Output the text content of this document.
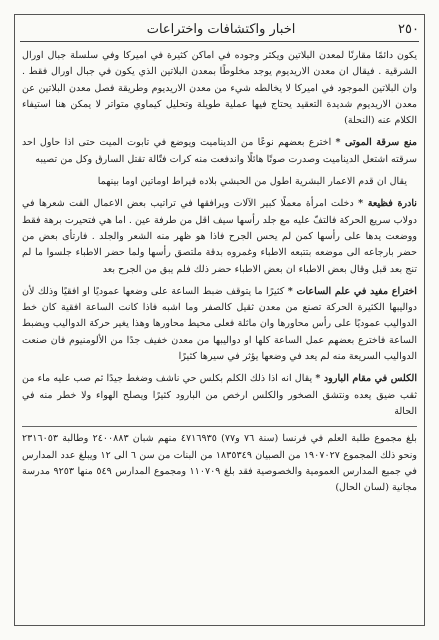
٢٥٠
اخبار واكتشافات واختراعات

يكون دائمًا مقارنًا لمعدن البلاتين ويكثر وجوده في اماكن كثيرة في اميركا وفي سلسلة جبال اورال الشرقية . فيقال ان معدن الاريديوم يوجد مخلوطًا بمعدن البلاتين الذي يكون في جبال اورال فقط . وان البلاتين الموجود في اميركا لا يخالطه شيء من معدن الاريديوم وطريقة فصل معدن البلاتين عن معدن الاريديوم شديدة التعقيد يحتاج فيها عملية طويلة وتحليل كيماوي متواتر لا يمكن هنا استيفاء الكلام عنه (النحلة)

منع سرقة الموتى * اخترع بعضهم نوعًا من الديناميت ويوضع في تابوت الميت حتى اذا حاول احد سرقته اشتعل الديناميت وصدرت صوتًا هائلًا واندفعت منه كرات فتّالة تقتل السارق وكل من تصيبه

يقال ان قدم الاعمار البشرية اطول من الحبشي بلاده قيراط اوماتين اوما بينهما

نادرة فظيعة * دخلت امرأة معملًا كبير الآلات ويرافقها في تراتيب بعض الاعمال الفت شعرها في دولاب سريع الحركة فالتفّ عليه مع جلد رأسها سيف اقل من طرفة عين . اما هي فتحيرت برهة فقط ووضعت يدها على رأسها كمن لم يحس الجرح فاذا هو ظهر منه الشعر والجلد . فارتأى بعض من حضر بارجاعه الى موضعه بتتبعه الاطباء وغمروه بدقة ملتصق رأسها ولما حضر الاطباء جلسوا ما لم تنج بعد قبل وقال بعض الاطباء ان بعض الاطباء حضر ذلك فلم يبق من الجرح بعد

اختراع مفيد في علم الساعات * كثيرًا ما يتوقف ضبط الساعة على وضعها عموديًا او افقيًا وذلك لأن دواليبها الكثيرة الحركة تصنع من معدن ثقيل كالصفر وما اشبه فاذا كانت الساعة افقية كان خط الدواليب عموديًا على رأس محاورها وان ماثلة فعلى محيط محاورها وهذا يغير حركة الدواليب ويضبط الساعة فاخترع بعضهم عمل الساعة كلها او دواليبها من معدن خفيف جدًا من الألومنيوم فان صنعت الدواليب السريعة منه لم يعد في وضعها يؤثر في سيرها كثيرًا

الكلس في مقام البارود * يقال انه اذا ذلك الكلم بكلس حي ناشف وضغط جيدًا ثم صب عليه ماء من ثقب ضيق يعده ونتشق الصخور والكلس ارخص من البارود كثيرًا ويصلح الهواء ولا خطر منه في الحالة

بلغ مجموع طلبة العلم في فرنسا (سنة ٧٦ و٧٧) ٤٧١٦٩٣٥ منهم شبان ٢٤٠٠٨٨٣ وطالبة ٢٣١٦٠٥٣ ونحو ذلك المجموع ١٩٠٧٠٢٧ من الصبيان ١٨٣٥٣٤٩ من البنات من سن ٦ الى ١٢ ويبلغ عدد المدارس في جميع المدارس العمومية والخصوصية فقد بلغ ١١٠٧٠٩ ومجموع المدارس ٥٤٩ منها ٩٢٥٣ مدرسة مجانية (لسان الحال)
